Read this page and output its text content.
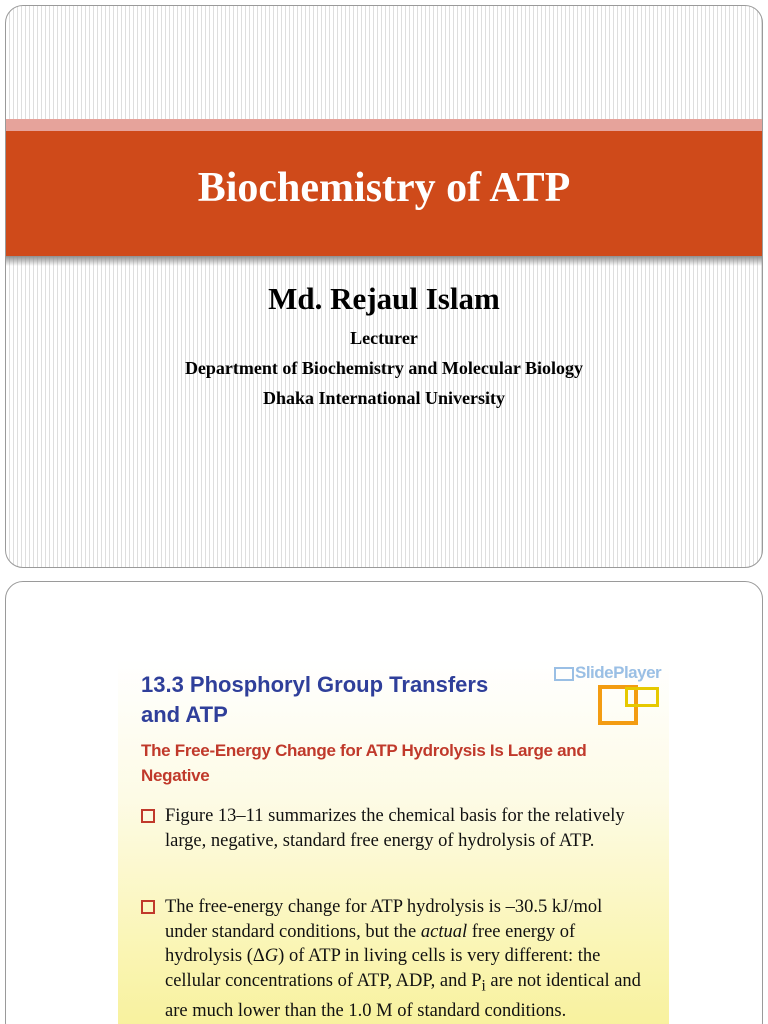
Biochemistry of ATP
Md. Rejaul Islam
Lecturer
Department of Biochemistry and Molecular Biology
Dhaka International University
SlidePlayer
13.3 Phosphoryl Group Transfers
and ATP
The Free-Energy Change for ATP Hydrolysis Is Large and
Negative
Figure 13–11 summarizes the chemical basis for the relatively large, negative, standard free energy of hydrolysis of ATP.
The free-energy change for ATP hydrolysis is –30.5 kJ/mol under standard conditions, but the actual free energy of hydrolysis (ΔG) of ATP in living cells is very different: the cellular concentrations of ATP, ADP, and $P_i$ are not identical and are much lower than the 1.0 M of standard conditions.
